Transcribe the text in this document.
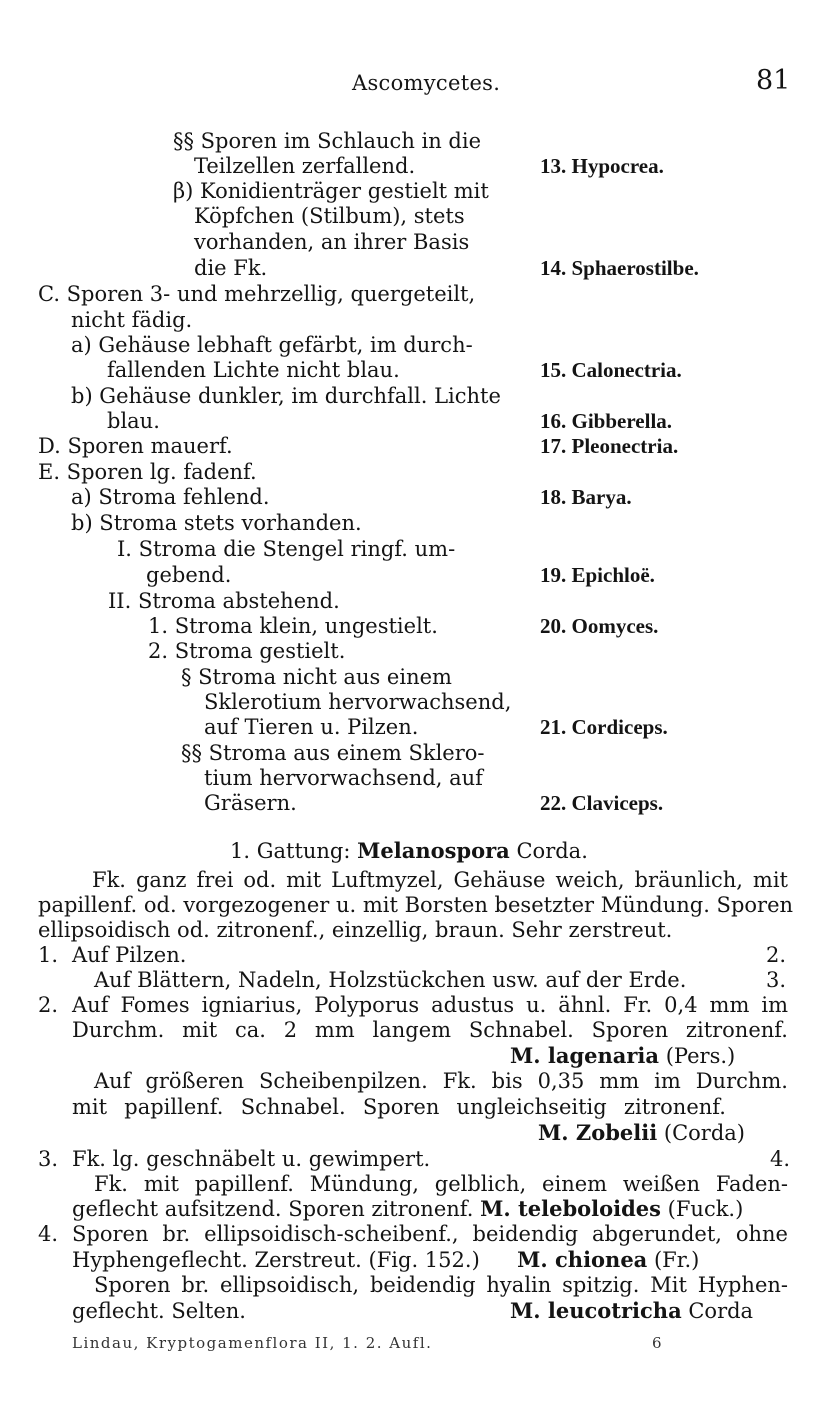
Ascomycetes.	81
§§ Sporen im Schlauch in die
Teilzellen zerfallend.	13. Hypocrea.
β) Konidienträger gestielt mit
Köpfchen (Stilbum), stets
vorhanden, an ihrer Basis
die Fk.	14. Sphaerostilbe.
C. Sporen 3- und mehrzellig, quergeteilt,
nicht fädig.
a) Gehäuse lebhaft gefärbt, im durch-
fallenden Lichte nicht blau.	15. Calonectria.
b) Gehäuse dunkler, im durchfall. Lichte
blau.	16. Gibberella.
D. Sporen mauerf.	17. Pleonectria.
E. Sporen lg. fadenf.
a) Stroma fehlend.	18. Barya.
b) Stroma stets vorhanden.
I. Stroma die Stengel ringf. um-
gebend.	19. Epichloë.
II. Stroma abstehend.
1. Stroma klein, ungestielt.	20. Oomyces.
2. Stroma gestielt.
§ Stroma nicht aus einem
Sklerotium hervorwachsend,
auf Tieren u. Pilzen.	21. Cordiceps.
§§ Stroma aus einem Sklero-
tium hervorwachsend, auf
Gräsern.	22. Claviceps.
1. Gattung: Melanospora Corda.
Fk. ganz frei od. mit Luftmyzel, Gehäuse weich, bräunlich, mit
papillenf. od. vorgezogener u. mit Borsten besetzter Mündung. Sporen
ellipsoidisch od. zitronenf., einzellig, braun. Sehr zerstreut.
1. Auf Pilzen.	2.
Auf Blättern, Nadeln, Holzstückchen usw. auf der Erde.	3.
2. Auf Fomes igniarius, Polyporus adustus u. ähnl. Fr. 0,4 mm im
Durchm. mit ca. 2 mm langem Schnabel. Sporen zitronenf.
M. lagenaria (Pers.)
Auf größeren Scheibenpilzen. Fk. bis 0,35 mm im Durchm.
mit papillenf. Schnabel. Sporen ungleichseitig zitronenf.
M. Zobelii (Corda)
3. Fk. lg. geschnäbelt u. gewimpert.	4.
Fk. mit papillenf. Mündung, gelblich, einem weißen Faden-
geflecht aufsitzend. Sporen zitronenf. M. teleboloides (Fuck.)
4. Sporen br. ellipsoidisch-scheibenf., beidendig abgerundet, ohne
Hyphengeflecht. Zerstreut. (Fig. 152.) M. chionea (Fr.)
Sporen br. ellipsoidisch, beidendig hyalin spitzig. Mit Hyphen-
geflecht. Selten.	M. leucotricha Corda
Lindau, Kryptogamenflora II, 1. 2. Aufl.	6
